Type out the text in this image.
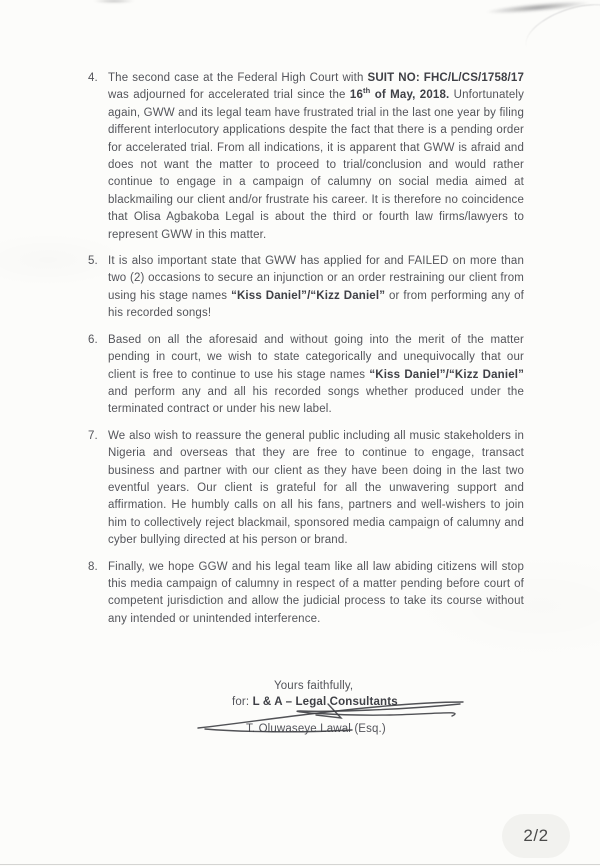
4. The second case at the Federal High Court with SUIT NO: FHC/L/CS/1758/17 was adjourned for accelerated trial since the 16th of May, 2018. Unfortunately again, GWW and its legal team have frustrated trial in the last one year by filing different interlocutory applications despite the fact that there is a pending order for accelerated trial. From all indications, it is apparent that GWW is afraid and does not want the matter to proceed to trial/conclusion and would rather continue to engage in a campaign of calumny on social media aimed at blackmailing our client and/or frustrate his career. It is therefore no coincidence that Olisa Agbakoba Legal is about the third or fourth law firms/lawyers to represent GWW in this matter.
5. It is also important state that GWW has applied for and FAILED on more than two (2) occasions to secure an injunction or an order restraining our client from using his stage names “Kiss Daniel”/“Kizz Daniel” or from performing any of his recorded songs!
6. Based on all the aforesaid and without going into the merit of the matter pending in court, we wish to state categorically and unequivocally that our client is free to continue to use his stage names “Kiss Daniel”/“Kizz Daniel” and perform any and all his recorded songs whether produced under the terminated contract or under his new label.
7. We also wish to reassure the general public including all music stakeholders in Nigeria and overseas that they are free to continue to engage, transact business and partner with our client as they have been doing in the last two eventful years. Our client is grateful for all the unwavering support and affirmation. He humbly calls on all his fans, partners and well-wishers to join him to collectively reject blackmail, sponsored media campaign of calumny and cyber bullying directed at his person or brand.
8. Finally, we hope GGW and his legal team like all law abiding citizens will stop this media campaign of calumny in respect of a matter pending before court of competent jurisdiction and allow the judicial process to take its course without any intended or unintended interference.
Yours faithfully,
for: L & A – Legal Consultants
T. Oluwaseye Lawal (Esq.)
2/2
